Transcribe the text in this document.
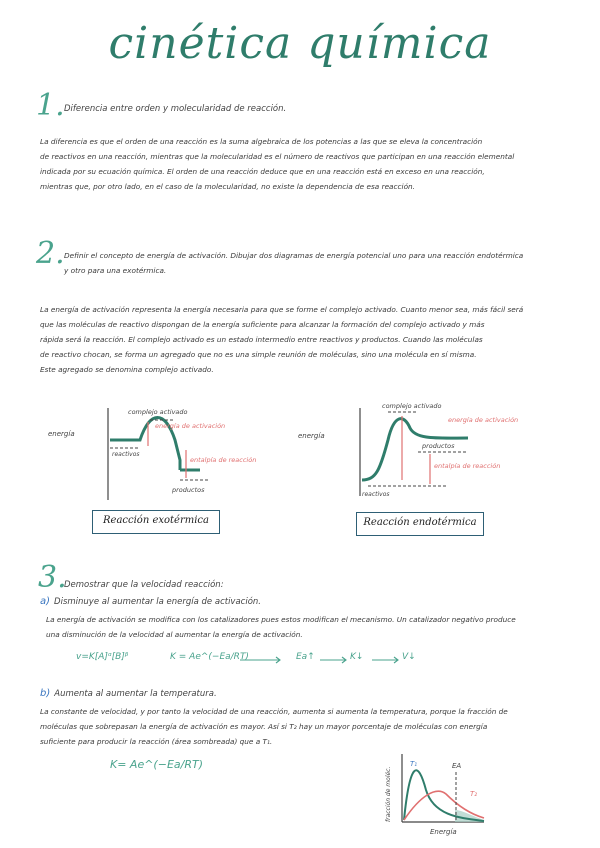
cinética química
1. Diferencia entre orden y molecularidad de reacción.
La diferencia es que el orden de una reacción es la suma algebraica de los potencias a las que se eleva la concentración
de reactivos en una reacción, mientras que la molecularidad es el número de reactivos que participan en una reacción elemental
indicada por su ecuación química. El orden de una reacción deduce que en una reacción está en exceso en una reacción,
mientras que, por otro lado, en el caso de la molecularidad, no existe la dependencia de esa reacción.
2. Definir el concepto de energía de activación. Dibujar dos diagramas de energía potencial uno para una reacción endotérmica
y otro para una exotérmica.
La energía de activación representa la energía necesaria para que se forme el complejo activado. Cuanto menor sea, más fácil será
que las moléculas de reactivo dispongan de la energía suficiente para alcanzar la formación del complejo activado y más
rápida será la reacción. El complejo activado es un estado intermedio entre reactivos y productos. Cuando las moléculas
de reactivo chocan, se forma un agregado que no es una simple reunión de moléculas, sino una molécula en sí misma.
Este agregado se denomina complejo activado.
energía
complejo activado
energía de activación
reactivos
entalpía de reacción
productos
Reacción exotérmica
energía
complejo activado
energía de activación
productos
entalpía de reacción
reactivos
Reacción endotérmica
3.
Demostrar que la velocidad reacción:
a) Disminuye al aumentar la energía de activación.
La energía de activación se modifica con los catalizadores pues estos modifican el mecanismo. Un catalizador negativo produce
una disminución de la velocidad al aumentar la energía de activación.
v=K[A]ᵅ[B]ᵝ	K = Ae^(−Ea/RT)	Ea↑	K↓	V↓
b) Aumenta al aumentar la temperatura.
La constante de velocidad, y por tanto la velocidad de una reacción, aumenta si aumenta la temperatura, porque la fracción de
moléculas que sobrepasan la energía de activación es mayor. Así si T₂ hay un mayor porcentaje de moléculas con energía
suficiente para producir la reacción (área sombreada) que a T₁.
K= Ae^(−Ea/RT)	T₁
T₂
EA
Energía
fracción de moléc.
